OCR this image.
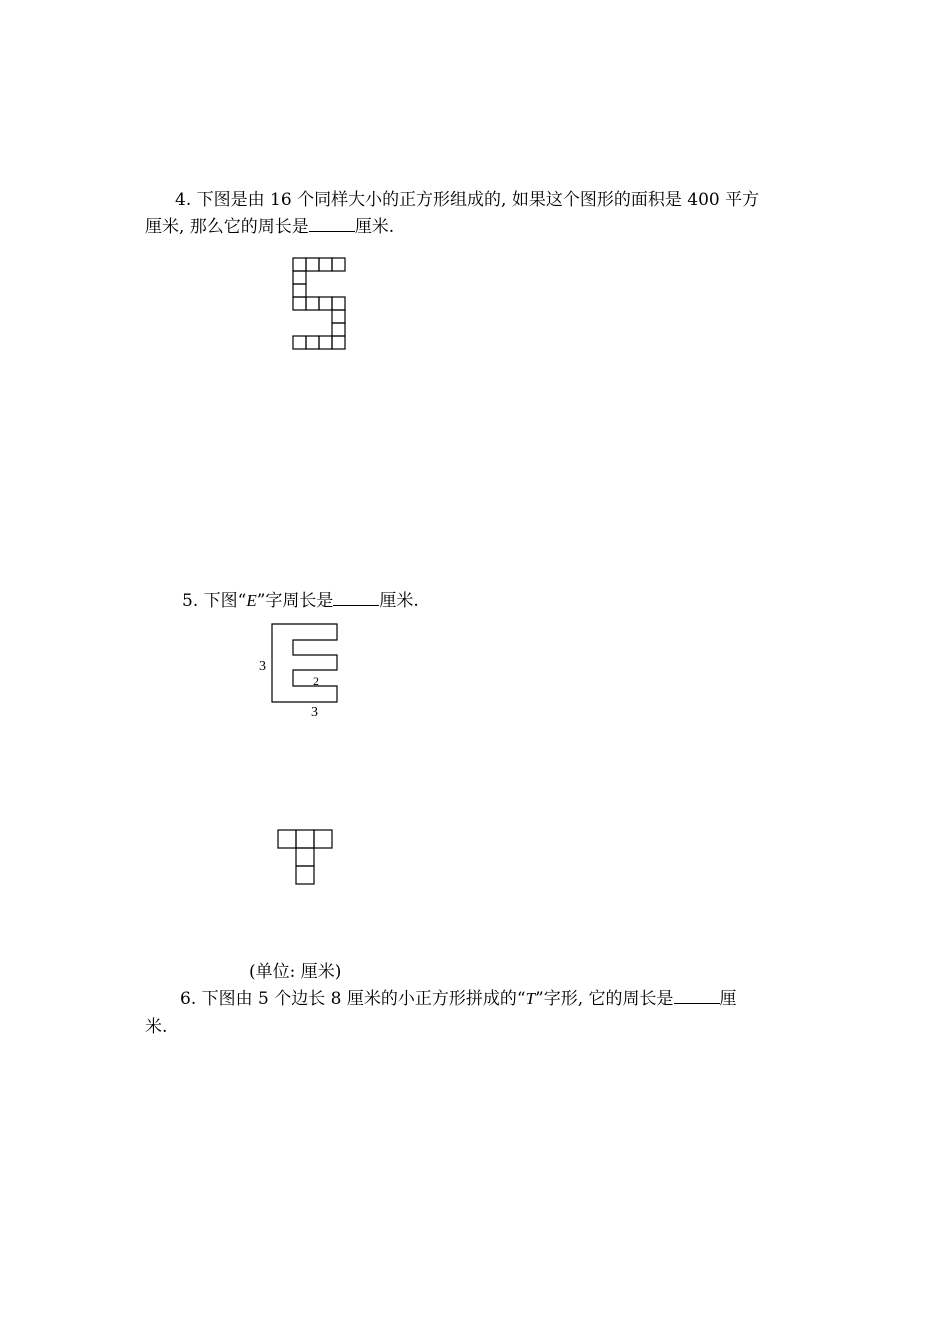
4. 下图是由 16 个同样大小的正方形组成的, 如果这个图形的面积是 400 平方
厘米, 那么它的周长是	厘米.
5. 下图“E”字周长是	厘米.
3
2
3
(单位: 厘米)
6. 下图由 5 个边长 8 厘米的小正方形拼成的“T”字形, 它的周长是	厘
米.
